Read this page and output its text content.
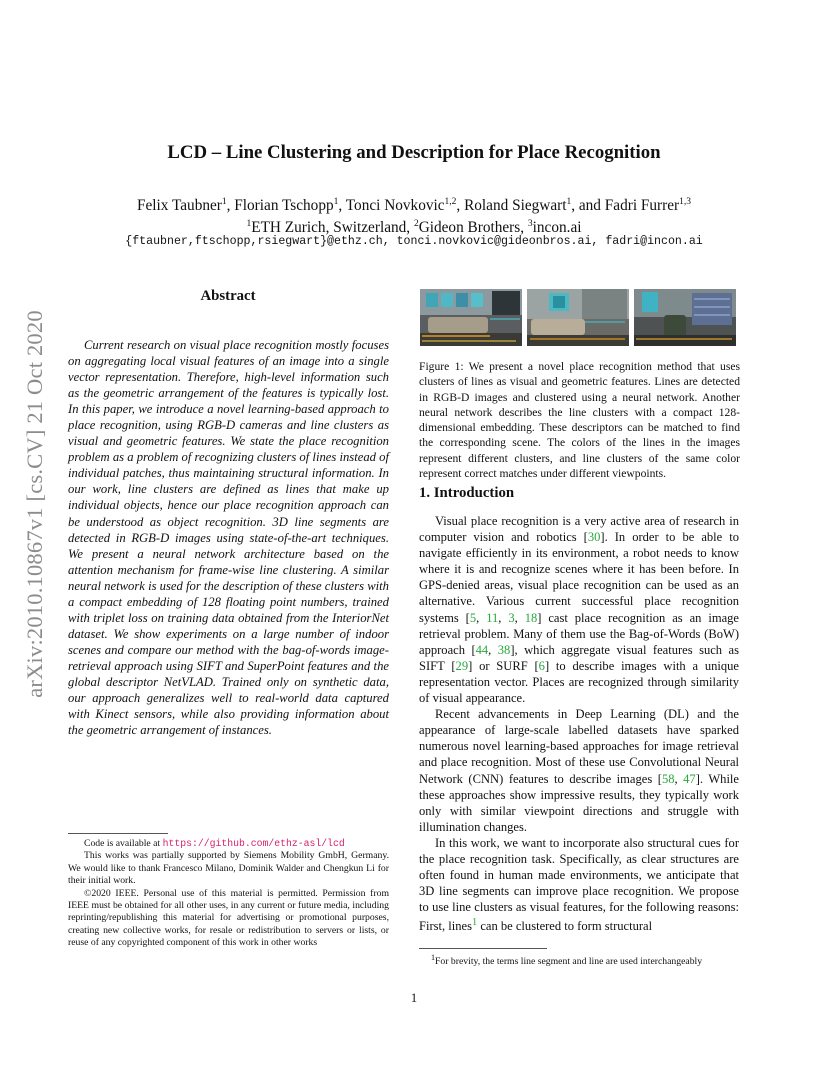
arXiv:2010.10867v1 [cs.CV] 21 Oct 2020
LCD – Line Clustering and Description for Place Recognition
Felix Taubner$^1$, Florian Tschopp$^1$, Tonci Novkovic$^{1,2}$, Roland Siegwart$^1$, and Fadri Furrer$^{1,3}$
$^1$ETH Zurich, Switzerland, $^2$Gideon Brothers, $^3$incon.ai
{ftaubner,ftschopp,rsiegwart}@ethz.ch, tonci.novkovic@gideonbros.ai, fadri@incon.ai
Abstract

Current research on visual place recognition mostly focuses on aggregating local visual features of an image into a single vector representation. Therefore, high-level information such as the geometric arrangement of the features is typically lost. In this paper, we introduce a novel learning-based approach to place recognition, using RGB-D cameras and line clusters as visual and geometric features. We state the place recognition problem as a problem of recognizing clusters of lines instead of individual patches, thus maintaining structural information. In our work, line clusters are defined as lines that make up individual objects, hence our place recognition approach can be understood as object recognition. 3D line segments are detected in RGB-D images using state-of-the-art techniques. We present a neural network architecture based on the attention mechanism for frame-wise line clustering. A similar neural network is used for the description of these clusters with a compact embedding of 128 floating point numbers, trained with triplet loss on training data obtained from the InteriorNet dataset. We show experiments on a large number of indoor scenes and compare our method with the bag-of-words image-retrieval approach using SIFT and SuperPoint features and the global descriptor NetVLAD. Trained only on synthetic data, our approach generalizes well to real-world data captured with Kinect sensors, while also providing information about the geometric arrangement of instances.

Code is available at https://github.com/ethz-asl/lcd

This works was partially supported by Siemens Mobility GmbH, Germany. We would like to thank Francesco Milano, Dominik Walder and Chengkun Li for their initial work.

©2020 IEEE. Personal use of this material is permitted. Permission from IEEE must be obtained for all other uses, in any current or future media, including reprinting/republishing this material for advertising or promotional purposes, creating new collective works, for resale or redistribution to servers or lists, or reuse of any copyrighted component of this work in other works

Figure 1: We present a novel place recognition method that uses clusters of lines as visual and geometric features. Lines are detected in RGB-D images and clustered using a neural network. Another neural network describes the line clusters with a compact 128-dimensional embedding. These descriptors can be matched to find the corresponding scene. The colors of the lines in the images represent different clusters, and line clusters of the same color represent correct matches under different viewpoints.

1. Introduction

Visual place recognition is a very active area of research in computer vision and robotics [30]. In order to be able to navigate efficiently in its environment, a robot needs to know where it is and recognize scenes where it has been before. In GPS-denied areas, visual place recognition can be used as an alternative. Various current successful place recognition systems [5, 11, 3, 18] cast place recognition as an image retrieval problem. Many of them use the Bag-of-Words (BoW) approach [44, 38], which aggregate visual features such as SIFT [29] or SURF [6] to describe images with a unique representation vector. Places are recognized through similarity of visual appearance.

Recent advancements in Deep Learning (DL) and the appearance of large-scale labelled datasets have sparked numerous novel learning-based approaches for image retrieval and place recognition. Most of these use Convolutional Neural Network (CNN) features to describe images [58, 47]. While these approaches show impressive results, they typically work only with similar viewpoint directions and struggle with illumination changes.

In this work, we want to incorporate also structural cues for the place recognition task. Specifically, as clear structures are often found in human made environments, we anticipate that 3D line segments can improve place recognition. We propose to use line clusters as visual features, for the following reasons: First, lines$^1$ can be clustered to form structural

$^1$For brevity, the terms line segment and line are used interchangeably
1
